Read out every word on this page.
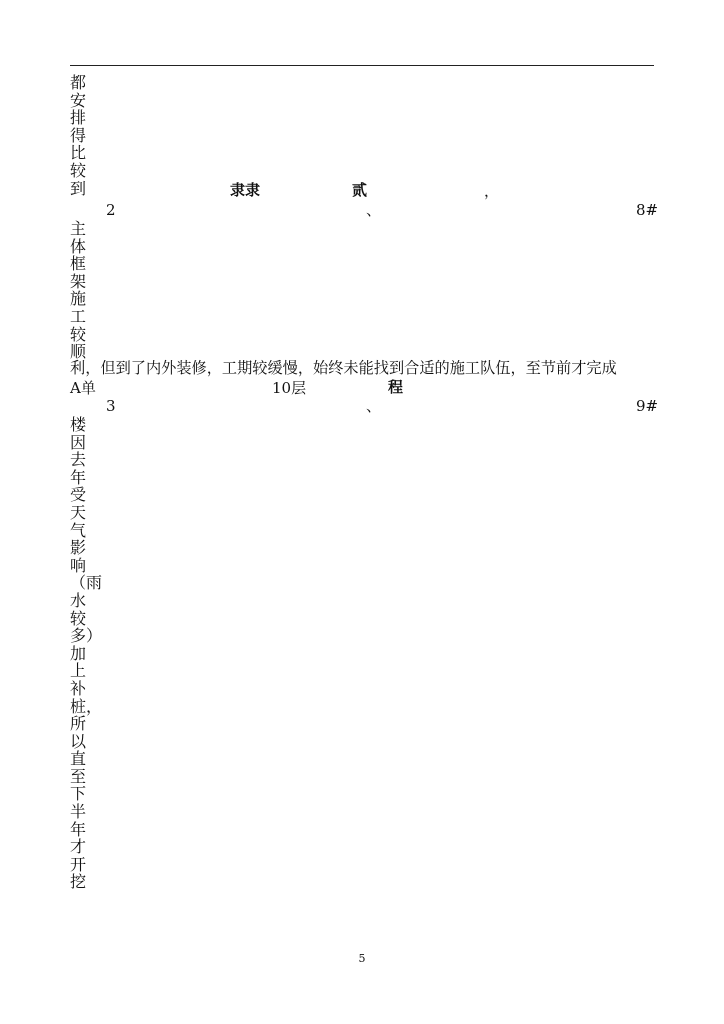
都安排得比较到	隶隶	贰	，
2	、	8#
主体框架施工较顺
利，但到了内外装修，工期较缓慢，始终未能找到合适的施工队伍，至节前才完成
A单	10层	程
3	、	9#
楼因去年受天气影响（雨水较多）加上补桩，所以直至下半年才开挖
5
